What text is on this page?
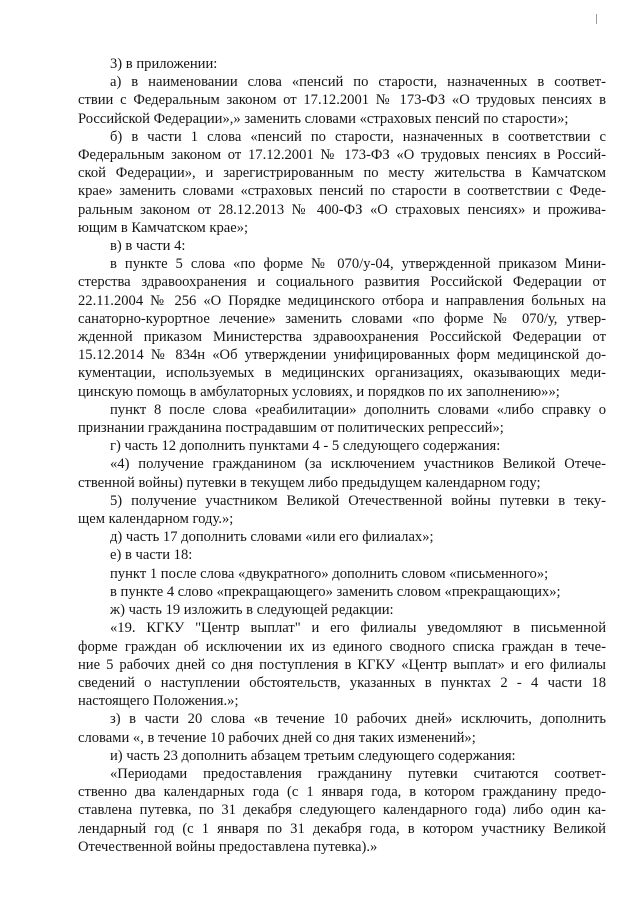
3) в приложении:
а) в наименовании слова «пенсий по старости, назначенных в соответ-
ствии с Федеральным законом от 17.12.2001 № 173-ФЗ «О трудовых пенсиях в
Российской Федерации»,» заменить словами «страховых пенсий по старости»;
б) в части 1 слова «пенсий по старости, назначенных в соответствии с
Федеральным законом от 17.12.2001 № 173-ФЗ «О трудовых пенсиях в Россий-
ской Федерации», и зарегистрированным по месту жительства в Камчатском
крае» заменить словами «страховых пенсий по старости в соответствии с Феде-
ральным законом от 28.12.2013 № 400-ФЗ «О страховых пенсиях» и прожива-
ющим в Камчатском крае»;
в) в части 4:
в пункте 5 слова «по форме № 070/у-04, утвержденной приказом Мини-
стерства здравоохранения и социального развития Российской Федерации от
22.11.2004 № 256 «О Порядке медицинского отбора и направления больных на
санаторно-курортное лечение» заменить словами «по форме № 070/у, утвер-
жденной приказом Министерства здравоохранения Российской Федерации от
15.12.2014 № 834н «Об утверждении унифицированных форм медицинской до-
кументации, используемых в медицинских организациях, оказывающих меди-
цинскую помощь в амбулаторных условиях, и порядков по их заполнению»»;
пункт 8 после слова «реабилитации» дополнить словами «либо справку о
признании гражданина пострадавшим от политических репрессий»;
г) часть 12 дополнить пунктами 4 - 5 следующего содержания:
«4) получение гражданином (за исключением участников Великой Отече-
ственной войны) путевки в текущем либо предыдущем календарном году;
5) получение участником Великой Отечественной войны путевки в теку-
щем календарном году.»;
д) часть 17 дополнить словами «или его филиалах»;
е) в части 18:
пункт 1 после слова «двукратного» дополнить словом «письменного»;
в пункте 4 слово «прекращающего» заменить словом «прекращающих»;
ж) часть 19 изложить в следующей редакции:
«19. КГКУ "Центр выплат" и его филиалы уведомляют в письменной
форме граждан об исключении их из единого сводного списка граждан в тече-
ние 5 рабочих дней со дня поступления в КГКУ «Центр выплат» и его филиалы
сведений о наступлении обстоятельств, указанных в пунктах 2 - 4 части 18
настоящего Положения.»;
з) в части 20 слова «в течение 10 рабочих дней» исключить, дополнить
словами «, в течение 10 рабочих дней со дня таких изменений»;
и) часть 23 дополнить абзацем третьим следующего содержания:
«Периодами предоставления гражданину путевки считаются соответ-
ственно два календарных года (с 1 января года, в котором гражданину предо-
ставлена путевка, по 31 декабря следующего календарного года) либо один ка-
лендарный год (с 1 января по 31 декабря года, в котором участнику Великой
Отечественной войны предоставлена путевка).»
